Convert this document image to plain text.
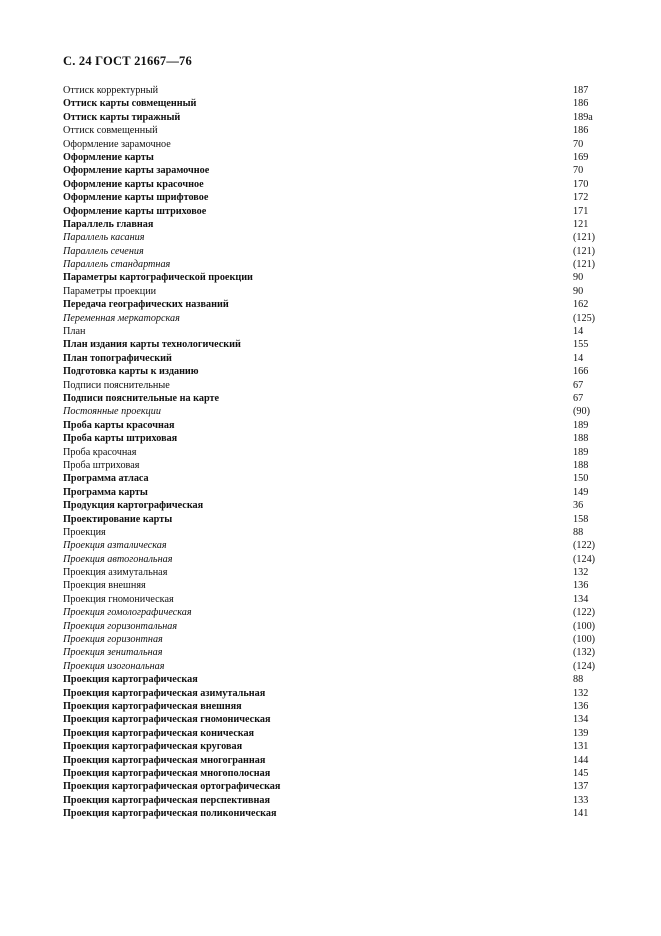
С. 24 ГОСТ 21667—76
Оттиск корректурный	187
Оттиск карты совмещенный	186
Оттиск карты тиражный	189а
Оттиск совмещенный	186
Оформление зарамочное	70
Оформление карты	169
Оформление карты зарамочное	70
Оформление карты красочное	170
Оформление карты шрифтовое	172
Оформление карты штриховое	171
Параллель главная	121
Параллель касания	(121)
Параллель сечения	(121)
Параллель стандартная	(121)
Параметры картографической проекции	90
Параметры проекции	90
Передача географических названий	162
Переменная меркаторская	(125)
План	14
План издания карты технологический	155
План топографический	14
Подготовка карты к изданию	166
Подписи пояснительные	67
Подписи пояснительные на карте	67
Постоянные проекции	(90)
Проба карты красочная	189
Проба карты штриховая	188
Проба красочная	189
Проба штриховая	188
Программа атласа	150
Программа карты	149
Продукция картографическая	36
Проектирование карты	158
Проекция	88
Проекция азталическая	(122)
Проекция автогональная	(124)
Проекция азимутальная	132
Проекция внешняя	136
Проекция гномоническая	134
Проекция гомолографическая	(122)
Проекция горизонтальная	(100)
Проекция горизонтная	(100)
Проекция зенитальная	(132)
Проекция изогональная	(124)
Проекция картографическая	88
Проекция картографическая азимутальная	132
Проекция картографическая внешняя	136
Проекция картографическая гномоническая	134
Проекция картографическая коническая	139
Проекция картографическая круговая	131
Проекция картографическая многогранная	144
Проекция картографическая многополосная	145
Проекция картографическая ортографическая	137
Проекция картографическая перспективная	133
Проекция картографическая поликоническая	141
